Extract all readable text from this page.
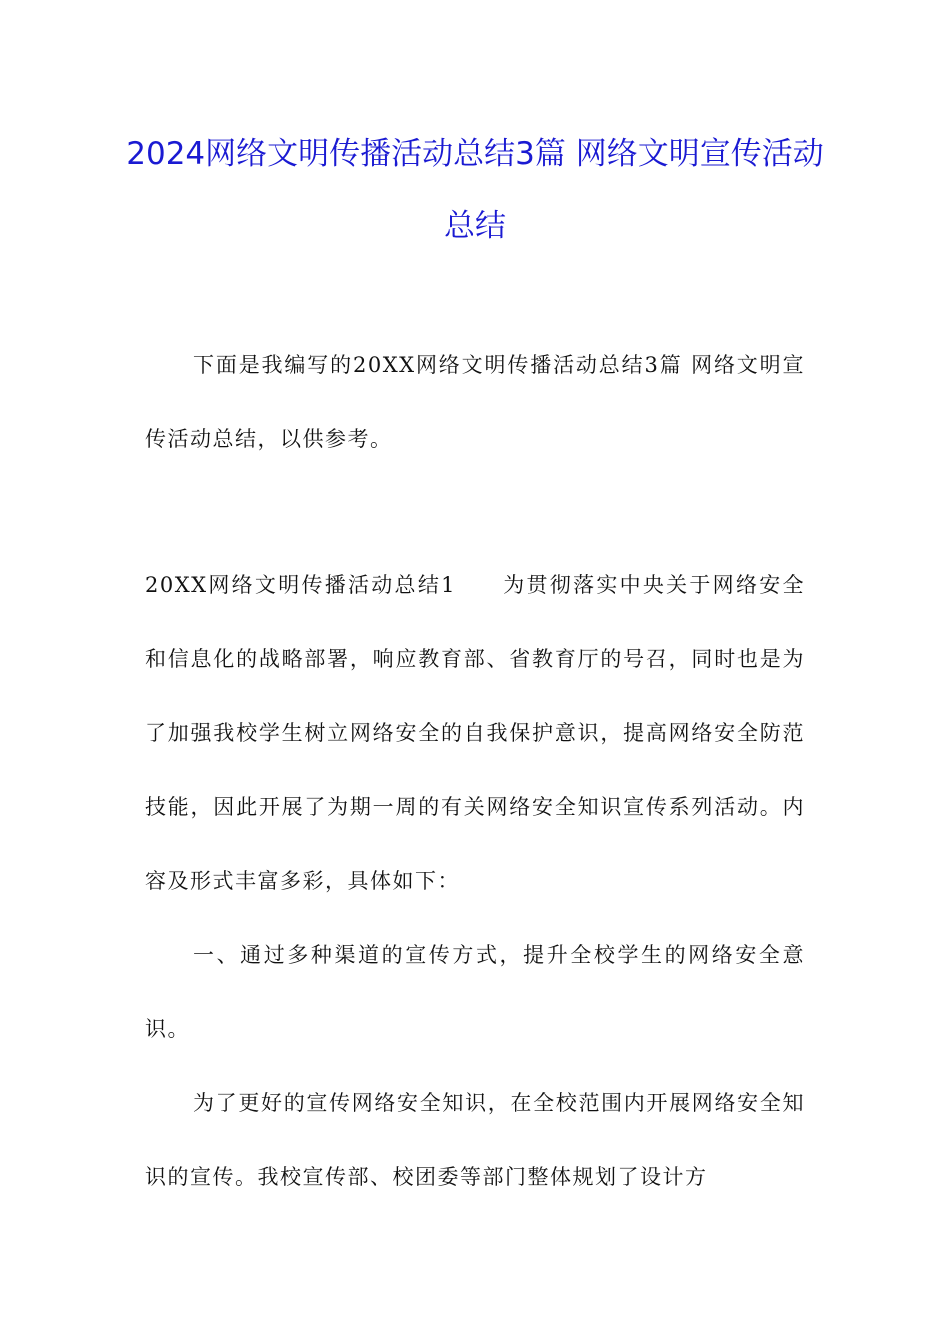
2024网络文明传播活动总结3篇 网络文明宣传活动总结

下面是我编写的20XX网络文明传播活动总结3篇 网络文明宣传活动总结，以供参考。

20XX网络文明传播活动总结1　　为贯彻落实中央关于网络安全和信息化的战略部署，响应教育部、省教育厅的号召，同时也是为了加强我校学生树立网络安全的自我保护意识，提高网络安全防范技能，因此开展了为期一周的有关网络安全知识宣传系列活动。内容及形式丰富多彩，具体如下：

一、通过多种渠道的宣传方式，提升全校学生的网络安全意识。

为了更好的宣传网络安全知识，在全校范围内开展网络安全知识的宣传。我校宣传部、校团委等部门整体规划了设计方
